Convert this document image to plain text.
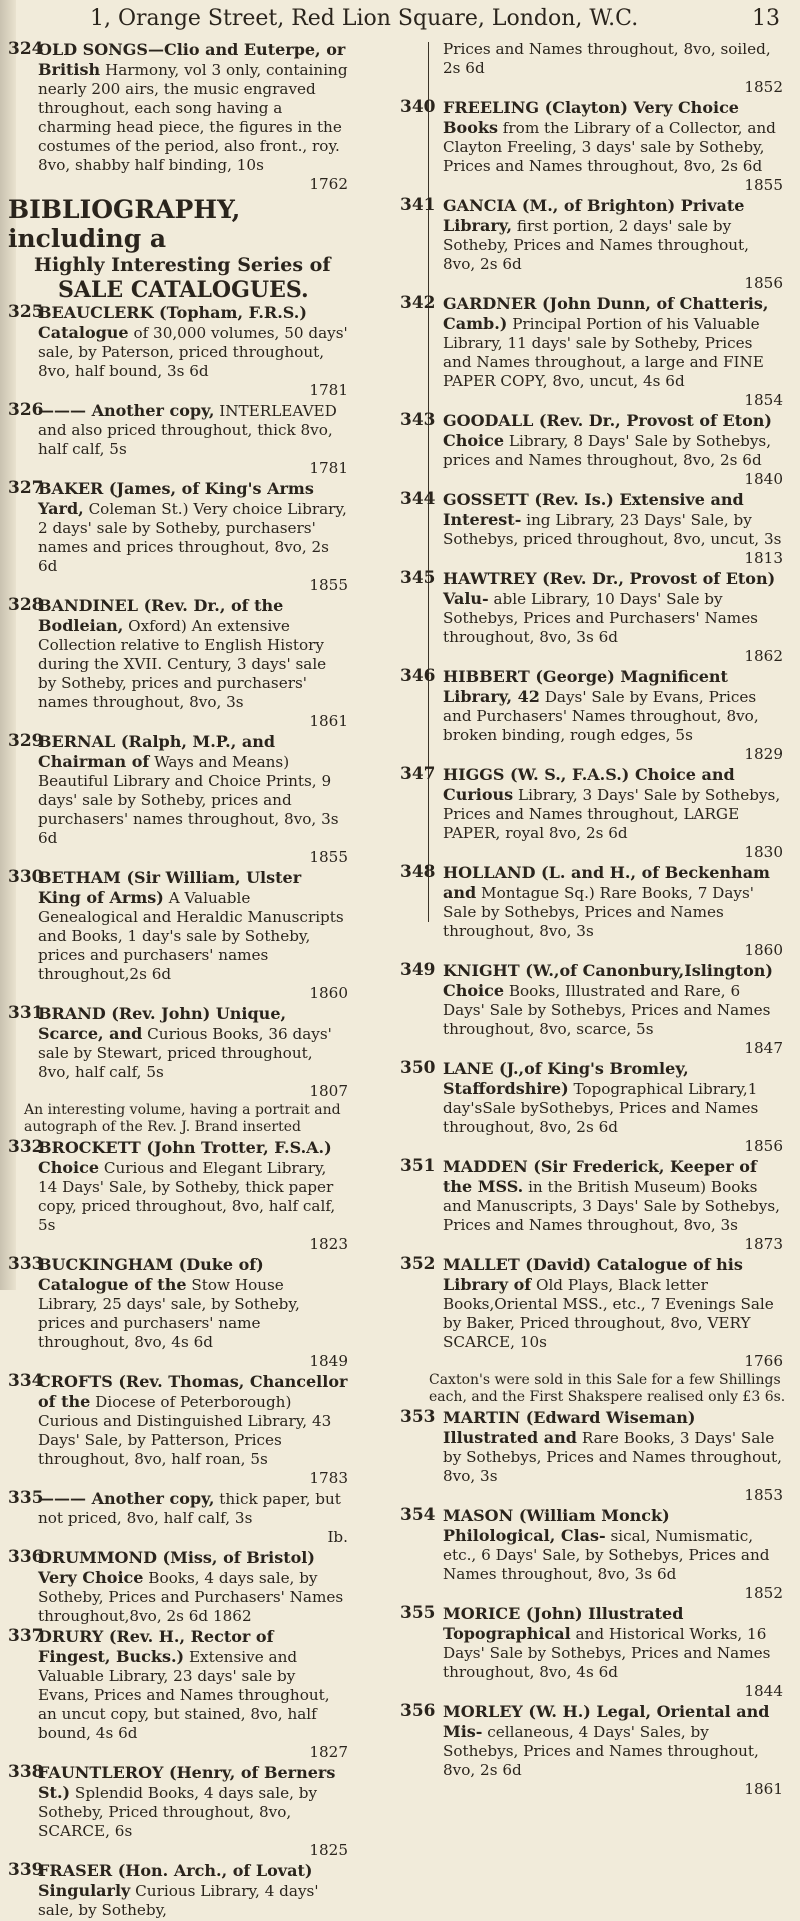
1, Orange Street, Red Lion Square, London, W.C.	13
324
OLD SONGS—Clio and Euterpe, or British Harmony, vol 3 only, containing nearly 200 airs, the music engraved throughout, each song having a charming head piece, the figures in the costumes of the period, also front., roy. 8vo, shabby half binding, 10s
1762
BIBLIOGRAPHY, including a
Highly Interesting Series of
SALE CATALOGUES.
325
BEAUCLERK (Topham, F.R.S.) Catalogue of 30,000 volumes, 50 days' sale, by Paterson, priced throughout, 8vo, half bound, 3s 6d
1781
326
——— Another copy, INTERLEAVED and also priced throughout, thick 8vo, half calf, 5s
1781
327
BAKER (James, of King's Arms Yard, Coleman St.) Very choice Library, 2 days' sale by Sotheby, purchasers' names and prices throughout, 8vo, 2s 6d
1855
328
BANDINEL (Rev. Dr., of the Bodleian, Oxford) An extensive Collection relative to English History during the XVII. Century, 3 days' sale by Sotheby, prices and purchasers' names throughout, 8vo, 3s
1861
329
BERNAL (Ralph, M.P., and Chairman of Ways and Means) Beautiful Library and Choice Prints, 9 days' sale by Sotheby, prices and purchasers' names throughout, 8vo, 3s 6d
1855
330
BETHAM (Sir William, Ulster King of Arms) A Valuable Genealogical and Heraldic Manuscripts and Books, 1 day's sale by Sotheby, prices and purchasers' names throughout,2s 6d
1860
331
BRAND (Rev. John) Unique, Scarce, and Curious Books, 36 days' sale by Stewart, priced throughout, 8vo, half calf, 5s
1807
An interesting volume, having a portrait and autograph of the Rev. J. Brand inserted
332
BROCKETT (John Trotter, F.S.A.) Choice Curious and Elegant Library, 14 Days' Sale, by Sotheby, thick paper copy, priced throughout, 8vo, half calf, 5s
1823
333
BUCKINGHAM (Duke of) Catalogue of the Stow House Library, 25 days' sale, by Sotheby, prices and purchasers' name throughout, 8vo, 4s 6d
1849
334
CROFTS (Rev. Thomas, Chancellor of the Diocese of Peterborough) Curious and Distinguished Library, 43 Days' Sale, by Patterson, Prices throughout, 8vo, half roan, 5s
1783
335
——— Another copy, thick paper, but not priced, 8vo, half calf, 3s
Ib.
336
DRUMMOND (Miss, of Bristol) Very Choice Books, 4 days sale, by Sotheby, Prices and Purchasers' Names throughout,8vo, 2s 6d 1862
337
DRURY (Rev. H., Rector of Fingest, Bucks.) Extensive and Valuable Library, 23 days' sale by Evans, Prices and Names throughout, an uncut copy, but stained, 8vo, half bound, 4s 6d
1827
338
FAUNTLEROY (Henry, of Berners St.) Splendid Books, 4 days sale, by Sotheby, Priced throughout, 8vo, SCARCE, 6s
1825
339
FRASER (Hon. Arch., of Lovat) Singularly Curious Library, 4 days' sale, by Sotheby,
Prices and Names throughout, 8vo, soiled, 2s 6d
1852
340 FREELING (Clayton) Very Choice Books from the Library of a Collector, and Clayton Freeling, 3 days' sale by Sotheby, Prices and Names throughout, 8vo, 2s 6d
1855
341 GANCIA (M., of Brighton) Private Library, first portion, 2 days' sale by Sotheby, Prices and Names throughout, 8vo, 2s 6d
1856
342 GARDNER (John Dunn, of Chatteris, Camb.) Principal Portion of his Valuable Library, 11 days' sale by Sotheby, Prices and Names throughout, a large and FINE PAPER COPY, 8vo, uncut, 4s 6d
1854
343 GOODALL (Rev. Dr., Provost of Eton) Choice Library, 8 Days' Sale by Sothebys, prices and Names throughout, 8vo, 2s 6d
1840
344 GOSSETT (Rev. Is.) Extensive and Interest- ing Library, 23 Days' Sale, by Sothebys, priced throughout, 8vo, uncut, 3s
1813
345 HAWTREY (Rev. Dr., Provost of Eton) Valu- able Library, 10 Days' Sale by Sothebys, Prices and Purchasers' Names throughout, 8vo, 3s 6d
1862
346 HIBBERT (George) Magnificent Library, 42 Days' Sale by Evans, Prices and Purchasers' Names throughout, 8vo, broken binding, rough edges, 5s
1829
347 HIGGS (W. S., F.A.S.) Choice and Curious Library, 3 Days' Sale by Sothebys, Prices and Names throughout, LARGE PAPER, royal 8vo, 2s 6d
1830
348 HOLLAND (L. and H., of Beckenham and Montague Sq.) Rare Books, 7 Days' Sale by Sothebys, Prices and Names throughout, 8vo, 3s
1860
349 KNIGHT (W.,of Canonbury,Islington) Choice Books, Illustrated and Rare, 6 Days' Sale by Sothebys, Prices and Names throughout, 8vo, scarce, 5s
1847
350 LANE (J.,of King's Bromley, Staffordshire) Topographical Library,1 day'sSale bySothebys, Prices and Names throughout, 8vo, 2s 6d
1856
351 MADDEN (Sir Frederick, Keeper of the MSS. in the British Museum) Books and Manuscripts, 3 Days' Sale by Sothebys, Prices and Names throughout, 8vo, 3s
1873
352 MALLET (David) Catalogue of his Library of Old Plays, Black letter Books,Oriental MSS., etc., 7 Evenings Sale by Baker, Priced throughout, 8vo, VERY SCARCE, 10s
1766
Caxton's were sold in this Sale for a few Shillings each, and the First Shakspere realised only £3 6s.
353 MARTIN (Edward Wiseman) Illustrated and Rare Books, 3 Days' Sale by Sothebys, Prices and Names throughout, 8vo, 3s
1853
354 MASON (William Monck) Philological, Clas- sical, Numismatic, etc., 6 Days' Sale, by Sothebys, Prices and Names throughout, 8vo, 3s 6d
1852
355 MORICE (John) Illustrated Topographical and Historical Works, 16 Days' Sale by Sothebys, Prices and Names throughout, 8vo, 4s 6d
1844
356 MORLEY (W. H.) Legal, Oriental and Mis- cellaneous, 4 Days' Sales, by Sothebys, Prices and Names throughout, 8vo, 2s 6d
1861
